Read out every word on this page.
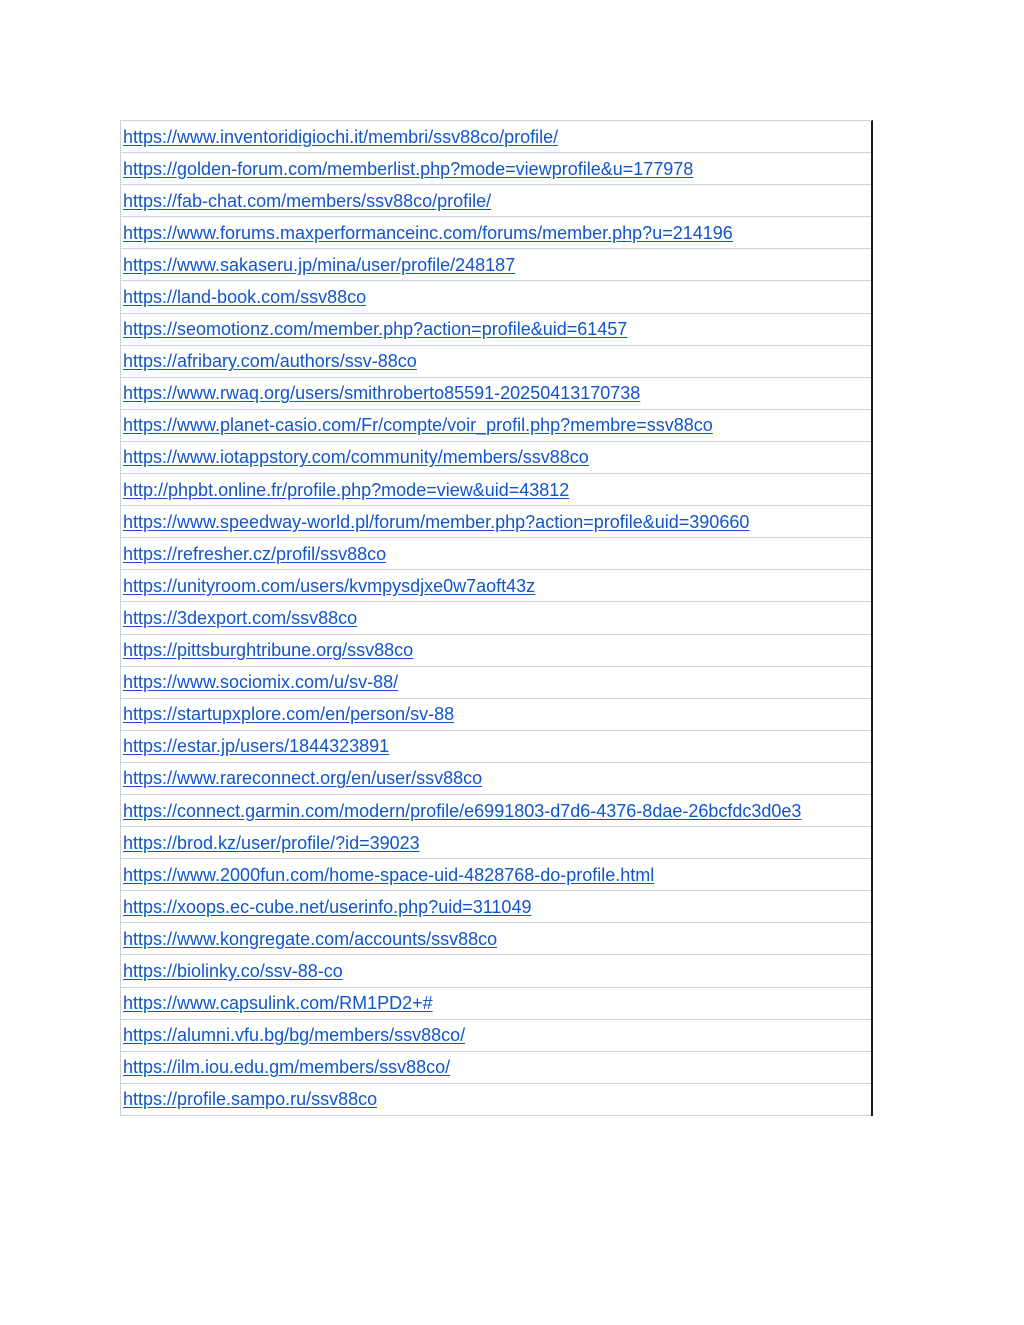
https://www.inventoridigiochi.it/membri/ssv88co/profile/
https://golden-forum.com/memberlist.php?mode=viewprofile&u=177978
https://fab-chat.com/members/ssv88co/profile/
https://www.forums.maxperformanceinc.com/forums/member.php?u=214196
https://www.sakaseru.jp/mina/user/profile/248187
https://land-book.com/ssv88co
https://seomotionz.com/member.php?action=profile&uid=61457
https://afribary.com/authors/ssv-88co
https://www.rwaq.org/users/smithroberto85591-20250413170738
https://www.planet-casio.com/Fr/compte/voir_profil.php?membre=ssv88co
https://www.iotappstory.com/community/members/ssv88co
http://phpbt.online.fr/profile.php?mode=view&uid=43812
https://www.speedway-world.pl/forum/member.php?action=profile&uid=390660
https://refresher.cz/profil/ssv88co
https://unityroom.com/users/kvmpysdjxe0w7aoft43z
https://3dexport.com/ssv88co
https://pittsburghtribune.org/ssv88co
https://www.sociomix.com/u/sv-88/
https://startupxplore.com/en/person/sv-88
https://estar.jp/users/1844323891
https://www.rareconnect.org/en/user/ssv88co
https://connect.garmin.com/modern/profile/e6991803-d7d6-4376-8dae-26bcfdc3d0e3
https://brod.kz/user/profile/?id=39023
https://www.2000fun.com/home-space-uid-4828768-do-profile.html
https://xoops.ec-cube.net/userinfo.php?uid=311049
https://www.kongregate.com/accounts/ssv88co
https://biolinky.co/ssv-88-co
https://www.capsulink.com/RM1PD2+#
https://alumni.vfu.bg/bg/members/ssv88co/
https://ilm.iou.edu.gm/members/ssv88co/
https://profile.sampo.ru/ssv88co
